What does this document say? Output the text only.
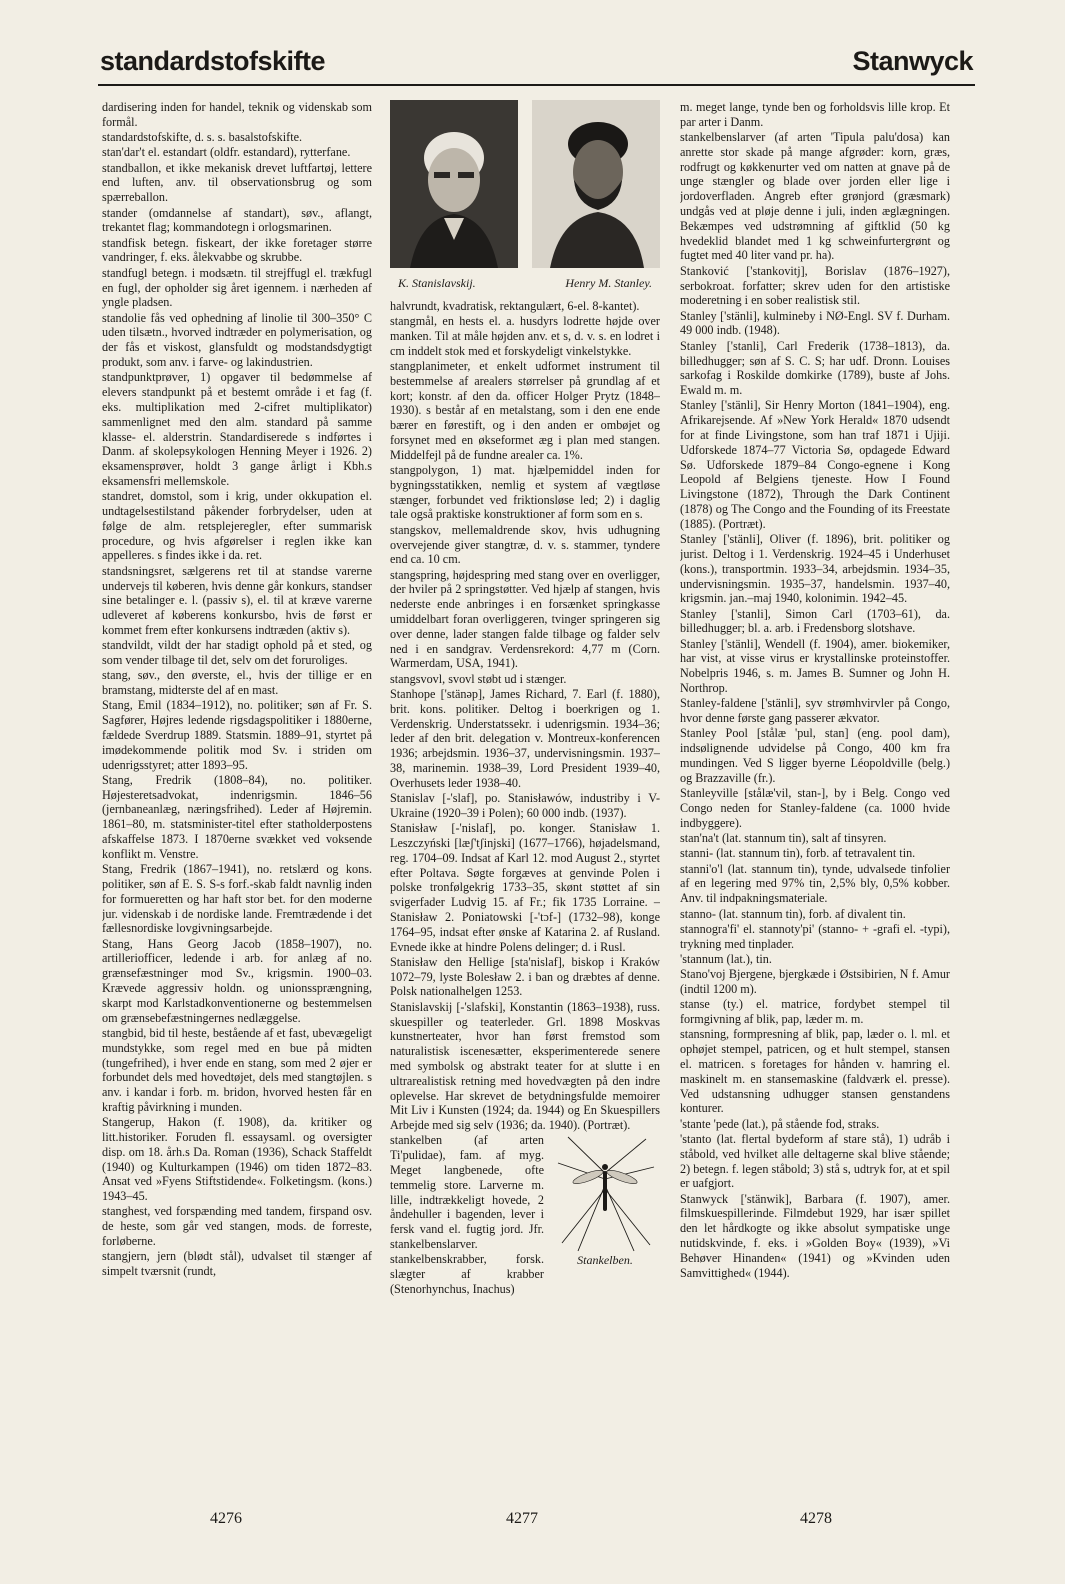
standardstofskifte	Stanwyck

dardisering inden for handel, teknik og videnskab som formål.

standardstofskifte, d. s. s. basalstofskifte.

stan'dar't el. estandart (oldfr. estandard), rytterfane.

standballon, et ikke mekanisk drevet luftfartøj, lettere end luften, anv. til observationsbrug og som spærreballon.

stander (omdannelse af standart), søv., aflangt, trekantet flag; kommandotegn i orlogsmarinen.

standfisk betegn. fiskeart, der ikke foretager større vandringer, f. eks. ålekvabbe og skrubbe.

standfugl betegn. i modsætn. til strejffugl el. trækfugl en fugl, der opholder sig året igennem. i nærheden af yngle pladsen.

standolie fås ved ophedning af linolie til 300–350° C uden tilsætn., hvorved indtræder en polymerisation, og der fås et viskost, glansfuldt og modstandsdygtigt produkt, som anv. i farve- og lakindustrien.

standpunktprøver, 1) opgaver til bedømmelse af elevers standpunkt på et bestemt område i et fag (f. eks. multiplikation med 2-cifret multiplikator) sammenlignet med den alm. standard på samme klasse- el. alderstrin. Standardiserede s indførtes i Danm. af skolepsykologen Henning Meyer i 1926. 2) eksamensprøver, holdt 3 gange årligt i Kbh.s eksamensfri mellemskole.

standret, domstol, som i krig, under okkupation el. undtagelsestilstand påkender forbrydelser, uden at følge de alm. retsplejeregler, efter summarisk procedure, og hvis afgørelser i reglen ikke kan appelleres. s findes ikke i da. ret.

standsningsret, sælgerens ret til at standse varerne undervejs til køberen, hvis denne går konkurs, standser sine betalinger e. l. (passiv s), el. til at kræve varerne udleveret af køberens konkursbo, hvis de først er kommet frem efter konkursens indtræden (aktiv s).

standvildt, vildt der har stadigt ophold på et sted, og som vender tilbage til det, selv om det foruroliges.

stang, søv., den øverste, el., hvis der tillige er en bramstang, midterste del af en mast.

Stang, Emil (1834–1912), no. politiker; søn af Fr. S. Sagfører, Højres ledende rigsdagspolitiker i 1880erne, fældede Sverdrup 1889. Statsmin. 1889–91, styrtet på imødekommende politik mod Sv. i striden om udenrigsstyret; atter 1893–95.

Stang, Fredrik (1808–84), no. politiker. Højesteretsadvokat, indenrigsmin. 1846–56 (jernbaneanlæg, næringsfrihed). Leder af Højremin. 1861–80, m. statsminister-titel efter statholderpostens afskaffelse 1873. I 1870erne svækket ved voksende konflikt m. Venstre.

Stang, Fredrik (1867–1941), no. retslærd og kons. politiker, søn af E. S. S-s forf.-skab faldt navnlig inden for formueretten og har haft stor bet. for den moderne jur. videnskab i de nordiske lande. Fremtrædende i det fællesnordiske lovgivningsarbejde.

Stang, Hans Georg Jacob (1858–1907), no. artilleriofficer, ledende i arb. for anlæg af no. grænsefæstninger mod Sv., krigsmin. 1900–03. Krævede aggressiv holdn. og unionssprængning, skarpt mod Karlstadkonventionerne og bestemmelsen om grænsebefæstningernes nedlæggelse.

stangbid, bid til heste, bestående af et fast, ubevægeligt mundstykke, som regel med en bue på midten (tungefrihed), i hver ende en stang, som med 2 øjer er forbundet dels med hovedtøjet, dels med stangtøjlen. s anv. i kandar i forb. m. bridon, hvorved hesten får en kraftig påvirkning i munden.

Stangerup, Hakon (f. 1908), da. kritiker og litt.historiker. Foruden fl. essaysaml. og oversigter disp. om 18. årh.s Da. Roman (1936), Schack Staffeldt (1940) og Kulturkampen (1946) om tiden 1872–83. Ansat ved »Fyens Stiftstidende«. Folketingsm. (kons.) 1943–45.

stanghest, ved forspænding med tandem, firspand osv. de heste, som går ved stangen, mods. de forreste, forløberne.

stangjern, jern (blødt stål), udvalset til stænger af simpelt tværsnit (rundt,

K. Stanislavskij.	Henry M. Stanley.

halvrundt, kvadratisk, rektangulært, 6-el. 8-kantet).

stangmål, en hests el. a. husdyrs lodrette højde over manken. Til at måle højden anv. et s, d. v. s. en lodret i cm inddelt stok med et forskydeligt vinkelstykke.

stangplanimeter, et enkelt udformet instrument til bestemmelse af arealers størrelser på grundlag af et kort; konstr. af den da. officer Holger Prytz (1848–1930). s består af en metalstang, som i den ene ende bærer en førestift, og i den anden er ombøjet og forsynet med en økseformet æg i plan med stangen. Middelfejl på de fundne arealer ca. 1%.

stangpolygon, 1) mat. hjælpemiddel inden for bygningsstatikken, nemlig et system af vægtløse stænger, forbundet ved friktionsløse led; 2) i daglig tale også praktiske konstruktioner af form som en s.

stangskov, mellemaldrende skov, hvis udhugning overvejende giver stangtræ, d. v. s. stammer, tyndere end ca. 10 cm.

stangspring, højdespring med stang over en overligger, der hviler på 2 springstøtter. Ved hjælp af stangen, hvis nederste ende anbringes i en forsænket springkasse umiddelbart foran overliggeren, tvinger springeren sig over denne, lader stangen falde tilbage og falder selv ned i en sandgrav. Verdensrekord: 4,77 m (Corn. Warmerdam, USA, 1941).

stangsvovl, svovl støbt ud i stænger.

Stanhope ['stänəp], James Richard, 7. Earl (f. 1880), brit. kons. politiker. Deltog i boerkrigen og 1. Verdenskrig. Understatssekr. i udenrigsmin. 1934–36; leder af den brit. delegation v. Montreux-konferencen 1936; arbejdsmin. 1936–37, undervisningsmin. 1937–38, marinemin. 1938–39, Lord President 1939–40, Overhusets leder 1938–40.

Stanislav [-'slaf], po. Stanisławów, industriby i V-Ukraine (1920–39 i Polen); 60 000 indb. (1937).

Stanisław [-'nislaf], po. konger. Stanisław 1. Leszczyński [læʃ'tʃinjski] (1677–1766), højadelsmand, reg. 1704–09. Indsat af Karl 12. mod August 2., styrtet efter Poltava. Søgte forgæves at genvinde Polen i polske tronfølgekrig 1733–35, skønt støttet af sin svigerfader Ludvig 15. af Fr.; fik 1735 Lorraine. – Stanisław 2. Poniatowski [-'tɔf-] (1732–98), konge 1764–95, indsat efter ønske af Katarina 2. af Rusland. Evnede ikke at hindre Polens delinger; d. i Rusl.

Stanisław den Hellige [sta'nislaf], biskop i Kraków 1072–79, lyste Bolesław 2. i ban og dræbtes af denne. Polsk nationalhelgen 1253.

Stanislavskij [-'slafski], Konstantin (1863–1938), russ. skuespiller og teaterleder. Grl. 1898 Moskvas kunstnerteater, hvor han først fremstod som naturalistisk iscenesætter, eksperimenterede senere med symbolsk og abstrakt teater for at slutte i en ultrarealistisk retning med hovedvægten på den indre oplevelse. Har skrevet de betydningsfulde memoirer Mit Liv i Kunsten (1924; da. 1944) og En Skuespillers Arbejde med sig selv (1936; da. 1940). (Portræt).

Stankelben.

stankelben (af arten Ti'pulidae), fam. af myg. Meget langbenede, ofte temmelig store. Larverne m. lille, indtrækkeligt hovede, 2 åndehuller i bagenden, lever i fersk vand el. fugtig jord. Jfr. stankelbenslarver.

stankelbenskrabber, forsk. slægter af krabber (Stenorhynchus, Inachus)

m. meget lange, tynde ben og forholdsvis lille krop. Et par arter i Danm.

stankelbenslarver (af arten 'Tipula palu'dosa) kan anrette stor skade på mange afgrøder: korn, græs, rodfrugt og køkkenurter ved om natten at gnave på de unge stængler og blade over jorden eller lige i jordoverfladen. Angreb efter grønjord (græsmark) undgås ved at pløje denne i juli, inden æglægningen. Bekæmpes ved udstrømning af giftklid (50 kg hvedeklid blandet med 1 kg schweinfurtergrønt og fugtet med 40 liter vand pr. ha).

Stanković ['stankovitj], Borislav (1876–1927), serbokroat. forfatter; skrev uden for den artistiske moderetning i en sober realistisk stil.

Stanley ['stänli], kulmineby i NØ-Engl. SV f. Durham. 49 000 indb. (1948).

Stanley ['stanli], Carl Frederik (1738–1813), da. billedhugger; søn af S. C. S; har udf. Dronn. Louises sarkofag i Roskilde domkirke (1789), buste af Johs. Ewald m. m.

Stanley ['stänli], Sir Henry Morton (1841–1904), eng. Afrikarejsende. Af »New York Herald« 1870 udsendt for at finde Livingstone, som han traf 1871 i Ujiji. Udforskede 1874–77 Victoria Sø, opdagede Edward Sø. Udforskede 1879–84 Congo-egnene i Kong Leopold af Belgiens tjeneste. How I Found Livingstone (1872), Through the Dark Continent (1878) og The Congo and the Founding of its Freestate (1885). (Portræt).

Stanley ['stänli], Oliver (f. 1896), brit. politiker og jurist. Deltog i 1. Verdenskrig. 1924–45 i Underhuset (kons.), transportmin. 1933–34, arbejdsmin. 1934–35, undervisningsmin. 1935–37, handelsmin. 1937–40, krigsmin. jan.–maj 1940, kolonimin. 1942–45.

Stanley ['stanli], Simon Carl (1703–61), da. billedhugger; bl. a. arb. i Fredensborg slotshave.

Stanley ['stänli], Wendell (f. 1904), amer. biokemiker, har vist, at visse virus er krystallinske proteinstoffer. Nobelpris 1946, s. m. James B. Sumner og John H. Northrop.

Stanley-faldene ['stänli], syv strømhvirvler på Congo, hvor denne første gang passerer ækvator.

Stanley Pool [stålæ 'pul, stan] (eng. pool dam), indsølignende udvidelse på Congo, 400 km fra mundingen. Ved S ligger byerne Léopoldville (belg.) og Brazzaville (fr.).

Stanleyville [stålæ'vil, stan-], by i Belg. Congo ved Congo neden for Stanley-faldene (ca. 1000 hvide indbyggere).

stan'na't (lat. stannum tin), salt af tinsyren.

stanni- (lat. stannum tin), forb. af tetravalent tin.

stanni'o'l (lat. stannum tin), tynde, udvalsede tinfolier af en legering med 97% tin, 2,5% bly, 0,5% kobber. Anv. til indpakningsmateriale.

stanno- (lat. stannum tin), forb. af divalent tin.

stannogra'fi' el. stannoty'pi' (stanno- + -grafi el. -typi), trykning med tinplader.

'stannum (lat.), tin.

Stano'voj Bjergene, bjergkæde i Østsibirien, N f. Amur (indtil 1200 m).

stanse (ty.) el. matrice, fordybet stempel til formgivning af blik, pap, læder m. m.

stansning, formpresning af blik, pap, læder o. l. ml. et ophøjet stempel, patricen, og et hult stempel, stansen el. matricen. s foretages for hånden v. hamring el. maskinelt m. en stansemaskine (faldværk el. presse). Ved udstansning udhugger stansen genstandens konturer.

'stante 'pede (lat.), på stående fod, straks.

'stanto (lat. flertal bydeform af stare stå), 1) udråb i ståbold, ved hvilket alle deltagerne skal blive stående; 2) betegn. f. legen ståbold; 3) stå s, udtryk for, at et spil er uafgjort.

Stanwyck ['stänwik], Barbara (f. 1907), amer. filmskuespillerinde. Filmdebut 1929, har især spillet den let hårdkogte og ikke absolut sympatiske unge nutidskvinde, f. eks. i »Golden Boy« (1939), »Vi Behøver Hinanden« (1941) og »Kvinden uden Samvittighed« (1944).

4276	4277	4278
